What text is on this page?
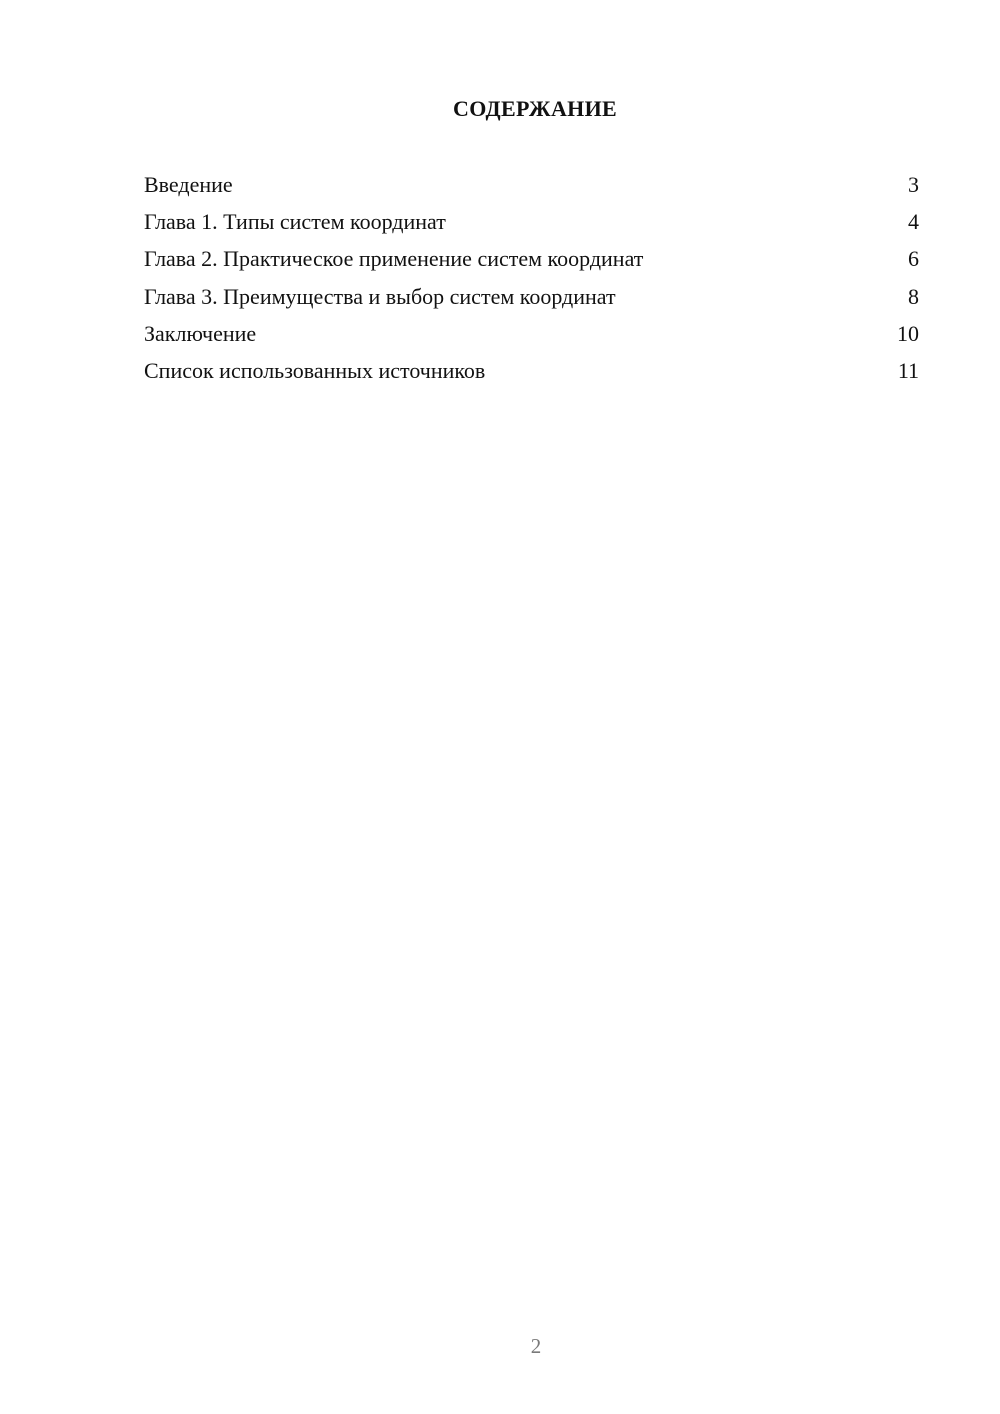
СОДЕРЖАНИЕ
Введение	3
Глава 1. Типы систем координат	4
Глава 2. Практическое применение систем координат	6
Глава 3. Преимущества и выбор систем координат	8
Заключение	10
Список использованных источников	11
2
